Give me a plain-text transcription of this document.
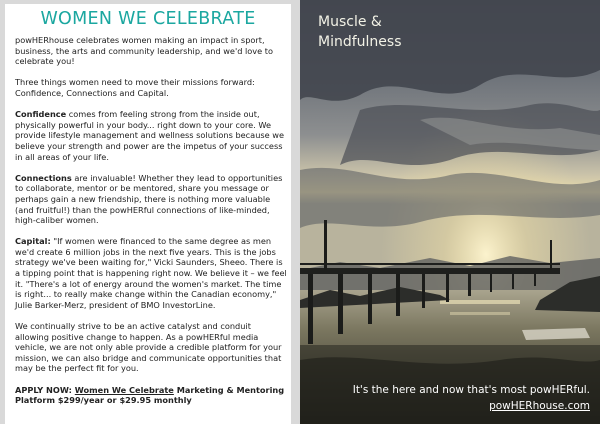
WOMEN WE CELEBRATE

powHERhouse celebrates women making an impact in sport, business, the arts and community leadership, and we'd love to celebrate you!

Three things women need to move their missions forward: Confidence, Connections and Capital.

Confidence comes from feeling strong from the inside out, physically powerful in your body... right down to your core. We provide lifestyle management and wellness solutions because we believe your strength and power are the impetus of your success in all areas of your life.

Connections are invaluable! Whether they lead to opportunities to collaborate, mentor or be mentored, share you message or perhaps gain a new friendship, there is nothing more valuable (and fruitful!) than the powHERful connections of like-minded, high-caliber women.

Capital: "If women were financed to the same degree as men we'd create 6 million jobs in the next five years. This is the jobs strategy we've been waiting for," Vicki Saunders, Sheeo. There is a tipping point that is happening right now. We believe it – we feel it. "There's a lot of energy around the women's market. The time is right... to really make change within the Canadian economy," Julie Barker-Merz, president of BMO InvestorLine.

We continually strive to be an active catalyst and conduit allowing positive change to happen. As a powHERful media vehicle, we are not only able provide a credible platform for your mission, we can also bridge and communicate opportunities that may be the perfect fit for you.

APPLY NOW: Women We Celebrate Marketing & Mentoring Platform $299/year or $29.95 monthly

Muscle & Mindfulness
It's the here and now that's most powHERful.
powHERhouse.com
